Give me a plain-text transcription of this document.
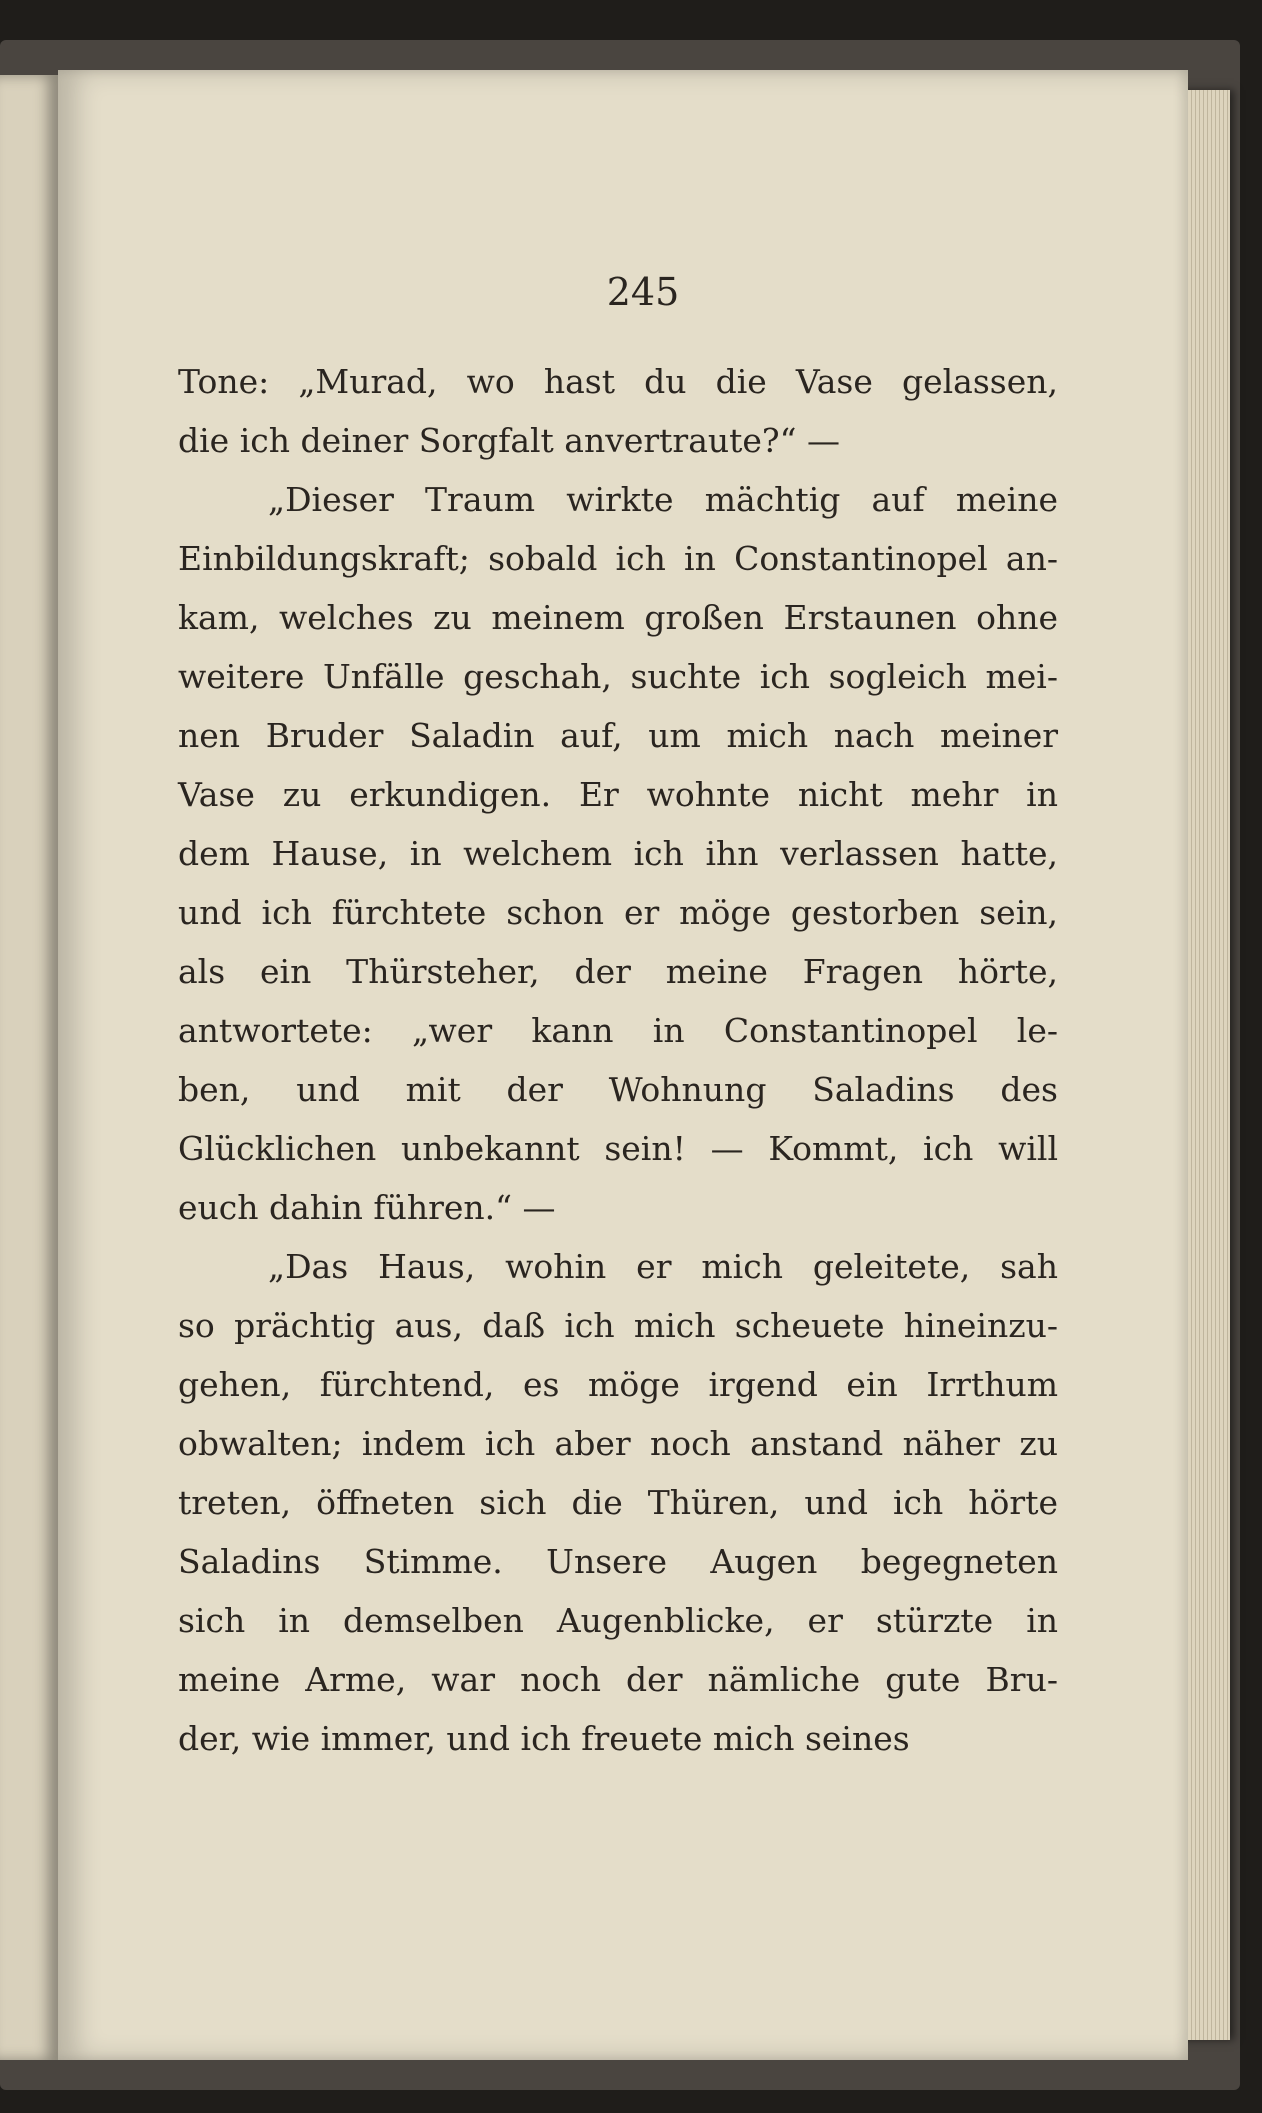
245
Tone: „Murad, wo hast du die Vase gelassen,
die ich deiner Sorgfalt anvertraute?“ —
„Dieser Traum wirkte mächtig auf meine
Einbildungskraft; sobald ich in Constantinopel an-
kam, welches zu meinem großen Erstaunen ohne
weitere Unfälle geschah, suchte ich sogleich mei-
nen Bruder Saladin auf, um mich nach meiner
Vase zu erkundigen. Er wohnte nicht mehr in
dem Hause, in welchem ich ihn verlassen hatte,
und ich fürchtete schon er möge gestorben sein,
als ein Thürsteher, der meine Fragen hörte,
antwortete: „wer kann in Constantinopel le-
ben, und mit der Wohnung Saladins des
Glücklichen unbekannt sein! — Kommt, ich will
euch dahin führen.“ —
„Das Haus, wohin er mich geleitete, sah
so prächtig aus, daß ich mich scheuete hineinzu-
gehen, fürchtend, es möge irgend ein Irrthum
obwalten; indem ich aber noch anstand näher zu
treten, öffneten sich die Thüren, und ich hörte
Saladins Stimme. Unsere Augen begegneten
sich in demselben Augenblicke, er stürzte in
meine Arme, war noch der nämliche gute Bru-
der, wie immer, und ich freuete mich seines
